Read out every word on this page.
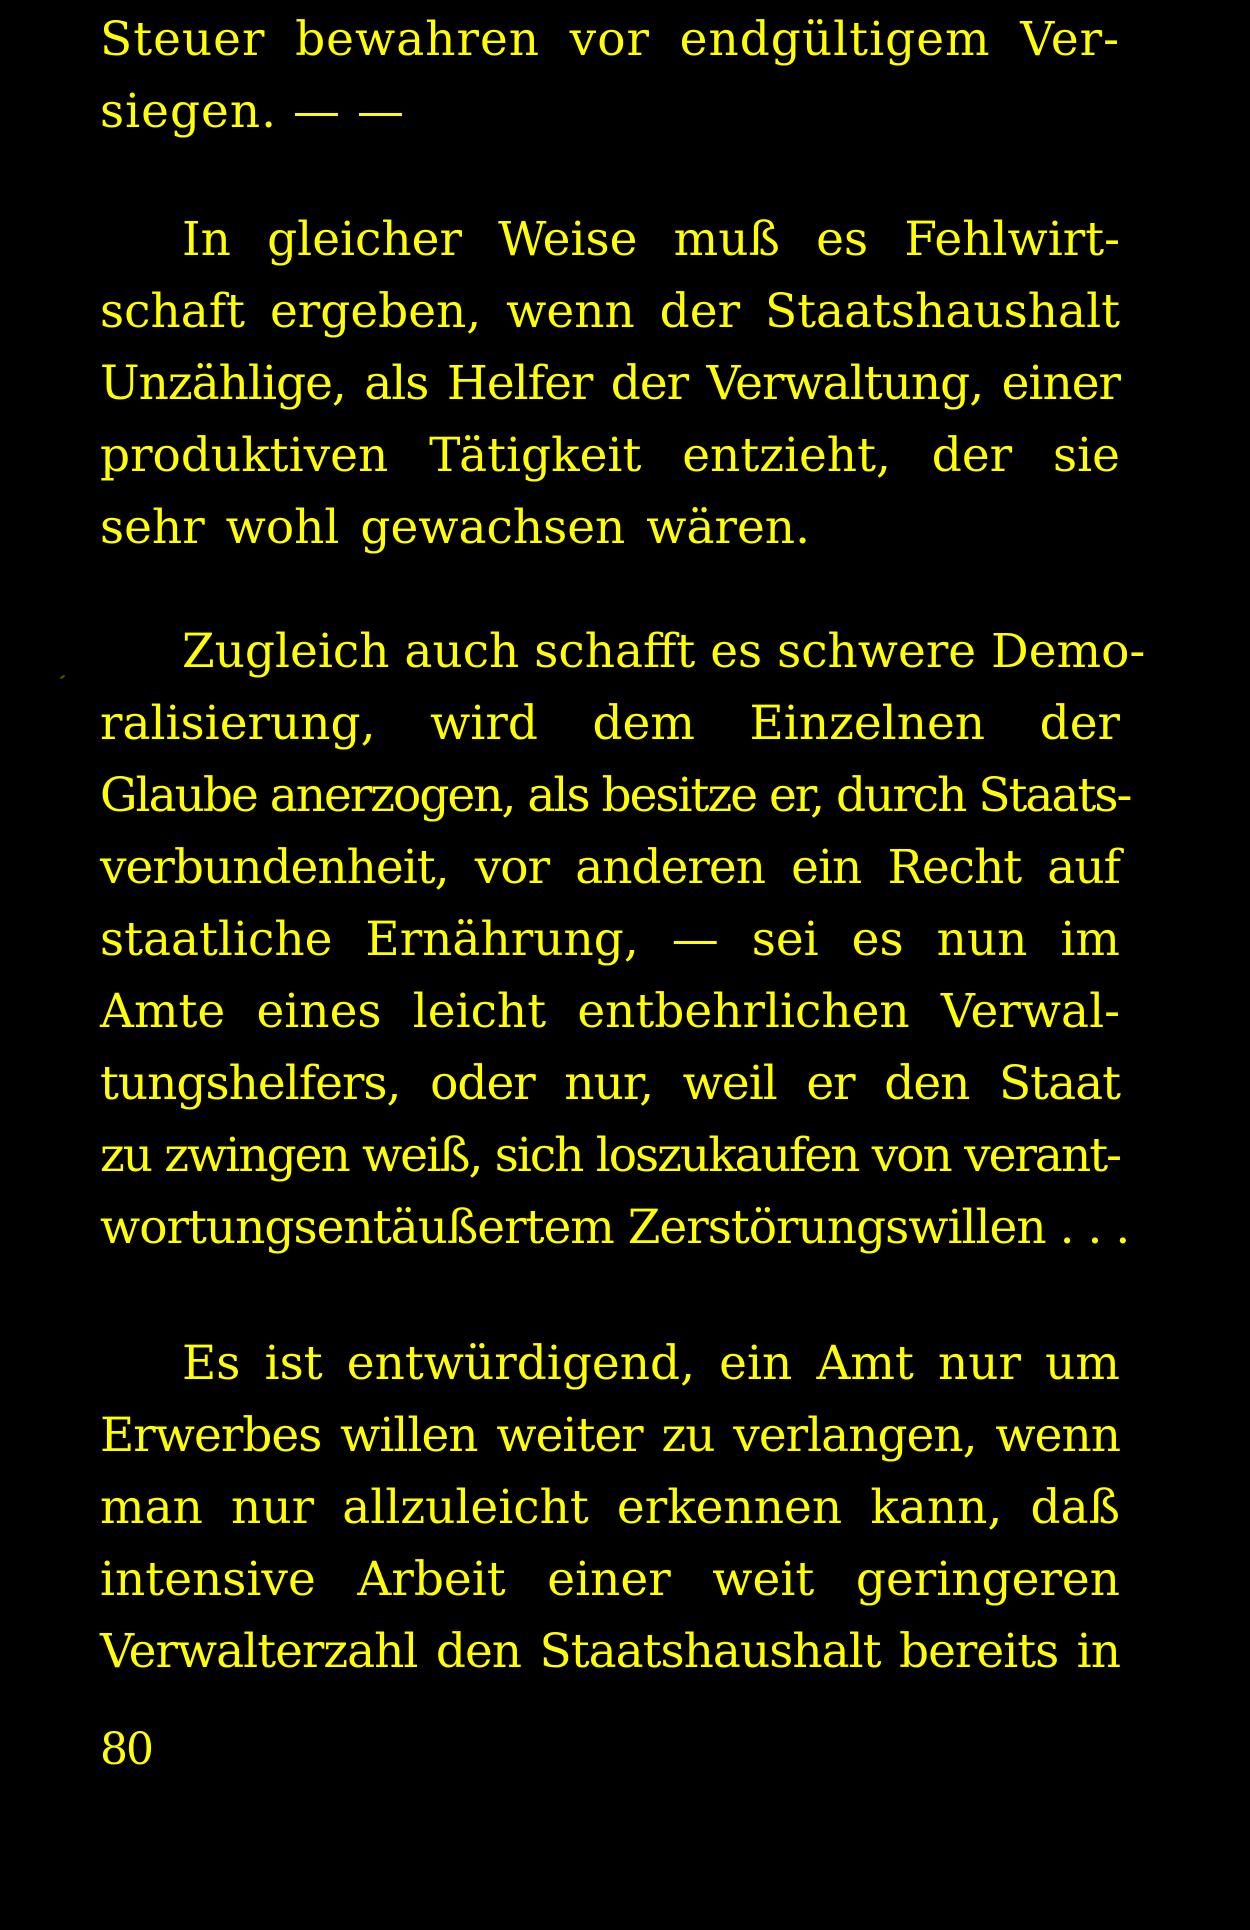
Steuer bewahren vor endgültigem Ver-
siegen. — —
In gleicher Weise muß es Fehlwirt-
schaft ergeben, wenn der Staatshaushalt
Unzählige, als Helfer der Verwaltung, einer
produktiven Tätigkeit entzieht, der sie
sehr wohl gewachsen wären.
Zugleich auch schafft es schwere Demo-
ralisierung, wird dem Einzelnen der
Glaube anerzogen, als besitze er, durch Staats-
verbundenheit, vor anderen ein Recht auf
staatliche Ernährung, — sei es nun im
Amte eines leicht entbehrlichen Verwal-
tungshelfers, oder nur, weil er den Staat
zu zwingen weiß, sich loszukaufen von verant-
wortungsentäußertem Zerstörungswillen . . .
Es ist entwürdigend, ein Amt nur um
Erwerbes willen weiter zu verlangen, wenn
man nur allzuleicht erkennen kann, daß
intensive Arbeit einer weit geringeren
Verwalterzahl den Staatshaushalt bereits in
80
